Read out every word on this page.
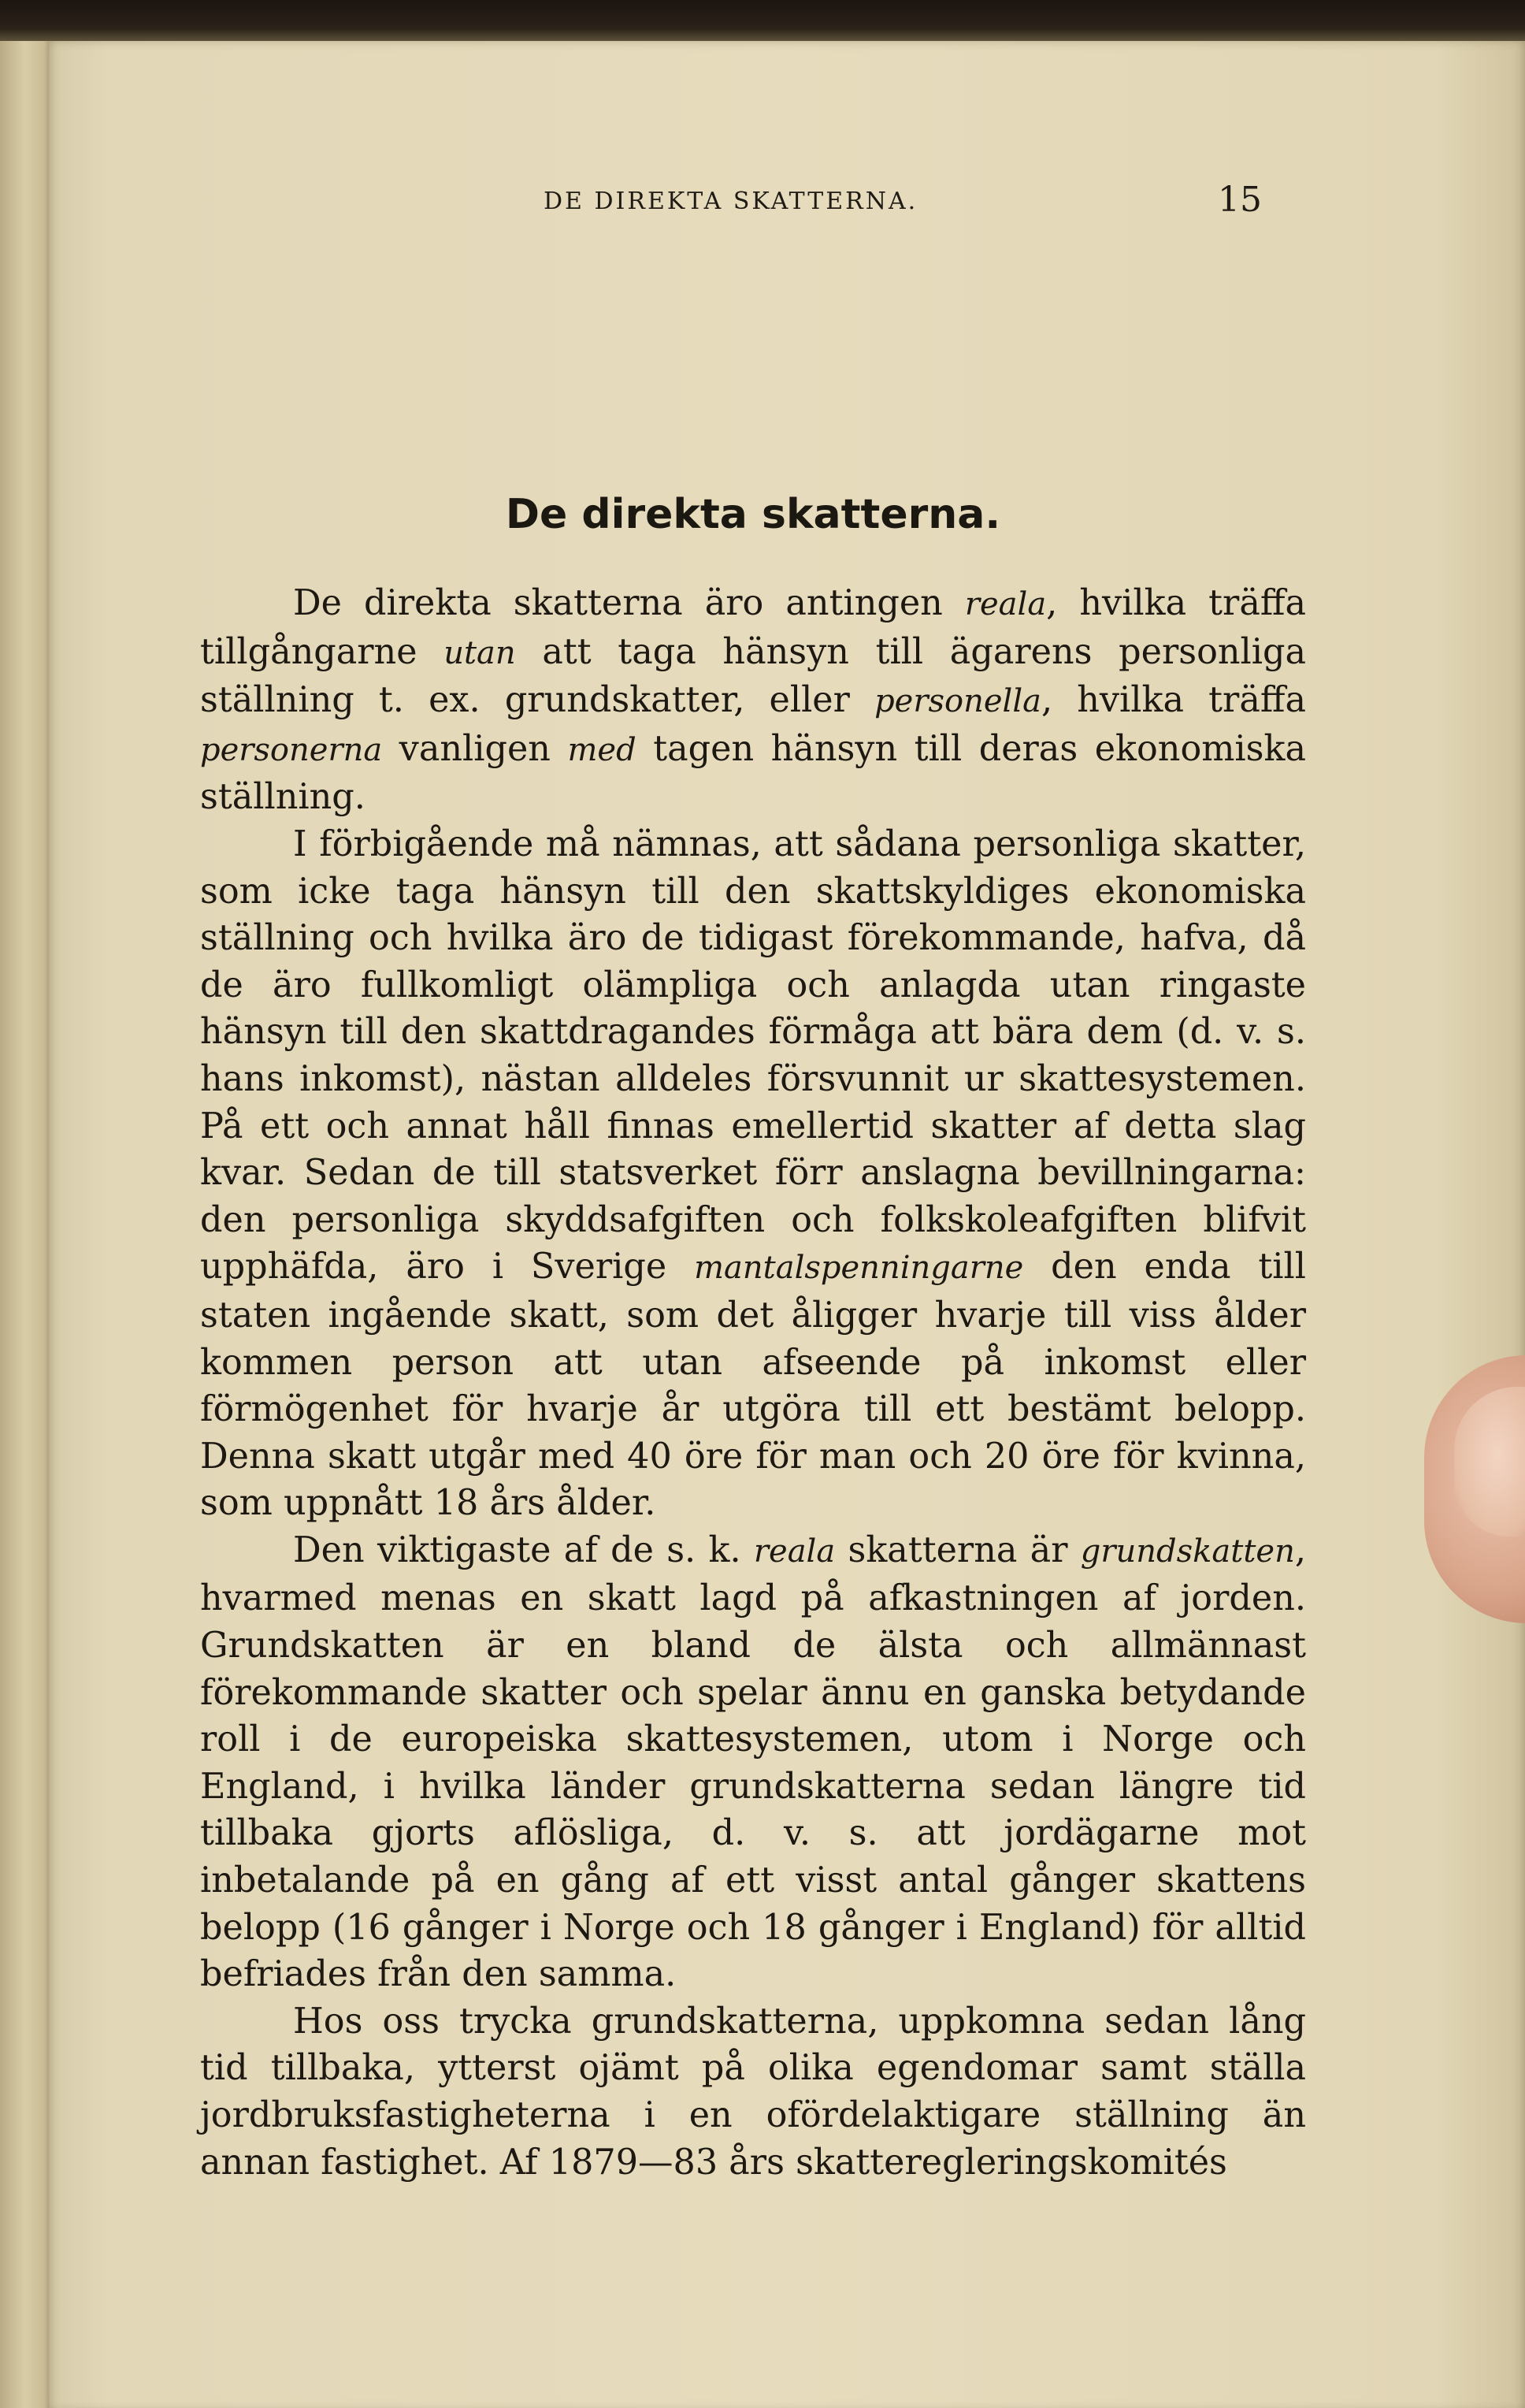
DE DIREKTA SKATTERNA.	15
De direkta skatterna.

De direkta skatterna äro antingen reala, hvilka träffa tillgångarne utan att taga hänsyn till ägarens personliga ställning t. ex. grundskatter, eller personella, hvilka träffa personerna vanligen med tagen hänsyn till deras ekonomiska ställning.

I förbigående må nämnas, att sådana personliga skatter, som icke taga hänsyn till den skattskyldiges ekonomiska ställning och hvilka äro de tidigast förekommande, hafva, då de äro fullkomligt olämpliga och anlagda utan ringaste hänsyn till den skattdragandes förmåga att bära dem (d. v. s. hans inkomst), nästan alldeles försvunnit ur skattesystemen. På ett och annat håll finnas emellertid skatter af detta slag kvar. Sedan de till statsverket förr anslagna bevillningarna: den personliga skyddsafgiften och folkskoleafgiften blifvit upphäfda, äro i Sverige mantalspenningarne den enda till staten ingående skatt, som det åligger hvarje till viss ålder kommen person att utan afseende på inkomst eller förmögenhet för hvarje år utgöra till ett bestämt belopp. Denna skatt utgår med 40 öre för man och 20 öre för kvinna, som uppnått 18 års ålder.

Den viktigaste af de s. k. reala skatterna är grundskatten, hvarmed menas en skatt lagd på afkastningen af jorden. Grundskatten är en bland de älsta och allmännast förekommande skatter och spelar ännu en ganska betydande roll i de europeiska skattesystemen, utom i Norge och England, i hvilka länder grundskatterna sedan längre tid tillbaka gjorts aflösliga, d. v. s. att jordägarne mot inbetalande på en gång af ett visst antal gånger skattens belopp (16 gånger i Norge och 18 gånger i England) för alltid befriades från den samma.

Hos oss trycka grundskatterna, uppkomna sedan lång tid tillbaka, ytterst ojämt på olika egendomar samt ställa jordbruksfastigheterna i en ofördelaktigare ställning än annan fastighet. Af 1879—83 års skatteregleringskomités
